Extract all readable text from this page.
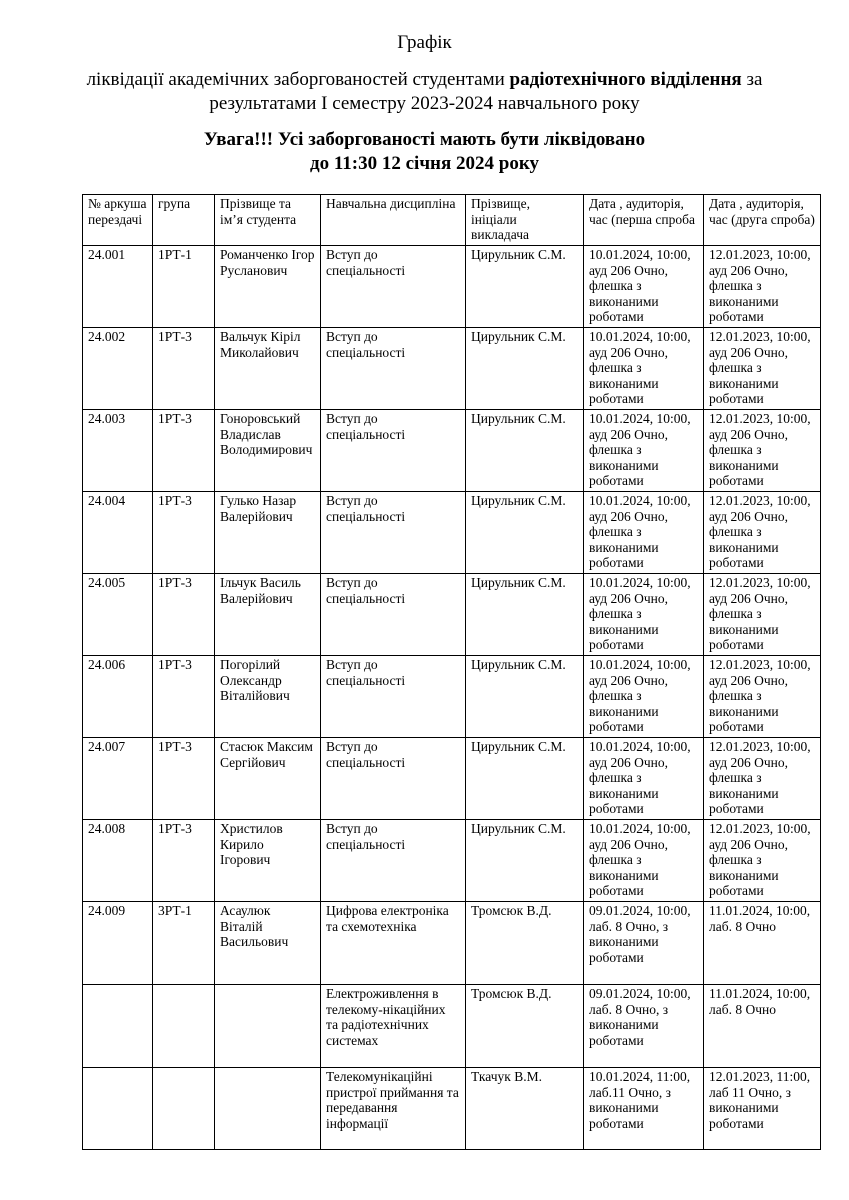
Графік
ліквідації академічних заборгованостей студентами радіотехнічного відділення за результатами І семестру 2023-2024 навчального року
Увага!!! Усі заборгованості мають бути ліквідовано
до 11:30 12 січня 2024 року
№ аркуша перездачі	група	Прізвище та ім’я студента	Навчальна дисципліна	Прізвище, ініціали викладача	Дата , аудиторія, час (перша спроба	Дата , аудиторія, час (друга спроба)
24.001	1РТ-1	Романченко Ігор Русланович	Вступ до спеціальності	Цирульник С.М.	10.01.2024, 10:00, ауд 206 Очно, флешка з виконаними роботами	12.01.2023, 10:00, ауд 206 Очно, флешка з виконаними роботами
24.002	1РТ-3	Вальчук Кіріл Миколайович	Вступ до спеціальності	Цирульник С.М.	10.01.2024, 10:00, ауд 206 Очно, флешка з виконаними роботами	12.01.2023, 10:00, ауд 206 Очно, флешка з виконаними роботами
24.003	1РТ-3	Гоноровський Владислав Володимирович	Вступ до спеціальності	Цирульник С.М.	10.01.2024, 10:00, ауд 206 Очно, флешка з виконаними роботами	12.01.2023, 10:00, ауд 206 Очно, флешка з виконаними роботами
24.004	1РТ-3	Гулько Назар Валерійович	Вступ до спеціальності	Цирульник С.М.	10.01.2024, 10:00, ауд 206 Очно, флешка з виконаними роботами	12.01.2023, 10:00, ауд 206 Очно, флешка з виконаними роботами
24.005	1РТ-3	Ільчук Василь Валерійович	Вступ до спеціальності	Цирульник С.М.	10.01.2024, 10:00, ауд 206 Очно, флешка з виконаними роботами	12.01.2023, 10:00, ауд 206 Очно, флешка з виконаними роботами
24.006	1РТ-3	Погорілий Олександр Віталійович	Вступ до спеціальності	Цирульник С.М.	10.01.2024, 10:00, ауд 206 Очно, флешка з виконаними роботами	12.01.2023, 10:00, ауд 206 Очно, флешка з виконаними роботами
24.007	1РТ-3	Стасюк Максим Сергійович	Вступ до спеціальності	Цирульник С.М.	10.01.2024, 10:00, ауд 206 Очно, флешка з виконаними роботами	12.01.2023, 10:00, ауд 206 Очно, флешка з виконаними роботами
24.008	1РТ-3	Христилов Кирило Ігорович	Вступ до спеціальності	Цирульник С.М.	10.01.2024, 10:00, ауд 206 Очно, флешка з виконаними роботами	12.01.2023, 10:00, ауд 206 Очно, флешка з виконаними роботами
24.009	3РТ-1	Асаулюк Віталій Васильович	Цифрова електроніка та схемотехніка	Тромсюк В.Д.	09.01.2024, 10:00, лаб. 8 Очно, з виконаними роботами	11.01.2024, 10:00, лаб. 8 Очно
			Електроживлення в телекому-нікаційних та радіотехнічних системах	Тромсюк В.Д.	09.01.2024, 10:00, лаб. 8 Очно, з виконаними роботами	11.01.2024, 10:00, лаб. 8 Очно
			Телекомунікаційні пристрої приймання та передавання інформації	Ткачук В.М.	10.01.2024, 11:00, лаб.11 Очно, з виконаними роботами	12.01.2023, 11:00, лаб 11 Очно, з виконаними роботами
